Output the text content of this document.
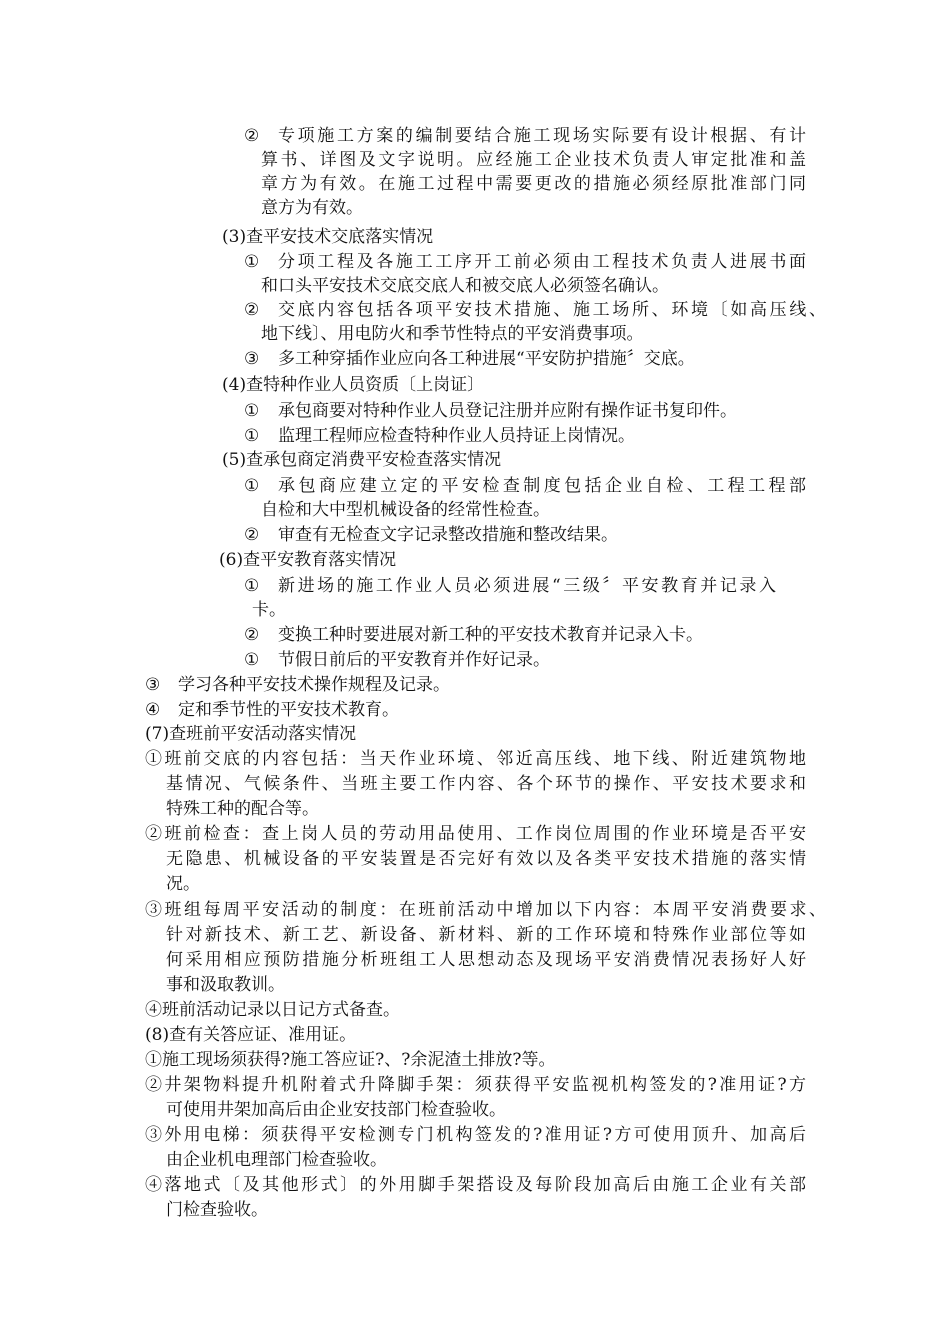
② 专项施工方案的编制要结合施工现场实际要有设计根据、有计
算书、详图及文字说明。应经施工企业技术负责人审定批准和盖
章方为有效。在施工过程中需要更改的措施必须经原批准部门同
意方为有效。
(3)查平安技术交底落实情况
① 分项工程及各施工工序开工前必须由工程技术负责人进展书面
和口头平安技术交底交底人和被交底人必须签名确认。
② 交底内容包括各项平安技术措施、施工场所、环境〔如高压线、
地下线〕、用电防火和季节性特点的平安消费事项。
③ 多工种穿插作业应向各工种进展“平安防护措施〞交底。
(4)查特种作业人员资质〔上岗证〕
① 承包商要对特种作业人员登记注册并应附有操作证书复印件。
① 监理工程师应检查特种作业人员持证上岗情况。
(5)查承包商定消费平安检查落实情况
① 承包商应建立定的平安检查制度包括企业自检、工程工程部
自检和大中型机械设备的经常性检查。
② 审查有无检查文字记录整改措施和整改结果。
(6)查平安教育落实情况
① 新进场的施工作业人员必须进展“三级〞平安教育并记录入
卡。
② 变换工种时要进展对新工种的平安技术教育并记录入卡。
① 节假日前后的平安教育并作好记录。
③ 学习各种平安技术操作规程及记录。
④ 定和季节性的平安技术教育。
(7)查班前平安活动落实情况
①班前交底的内容包括：当天作业环境、邻近高压线、地下线、附近建筑物地
基情况、气候条件、当班主要工作内容、各个环节的操作、平安技术要求和
特殊工种的配合等。
②班前检查：查上岗人员的劳动用品使用、工作岗位周围的作业环境是否平安
无隐患、机械设备的平安装置是否完好有效以及各类平安技术措施的落实情
况。
③班组每周平安活动的制度：在班前活动中增加以下内容：本周平安消费要求、
针对新技术、新工艺、新设备、新材料、新的工作环境和特殊作业部位等如
何采用相应预防措施分析班组工人思想动态及现场平安消费情况表扬好人好
事和汲取教训。
④班前活动记录以日记方式备查。
(8)查有关答应证、准用证。
①施工现场须获得?施工答应证?、?余泥渣土排放?等。
②井架物料提升机附着式升降脚手架：须获得平安监视机构签发的?准用证?方
可使用井架加高后由企业安技部门检查验收。
③外用电梯：须获得平安检测专门机构签发的?准用证?方可使用顶升、加高后
由企业机电理部门检查验收。
④落地式〔及其他形式〕的外用脚手架搭设及每阶段加高后由施工企业有关部
门检查验收。
